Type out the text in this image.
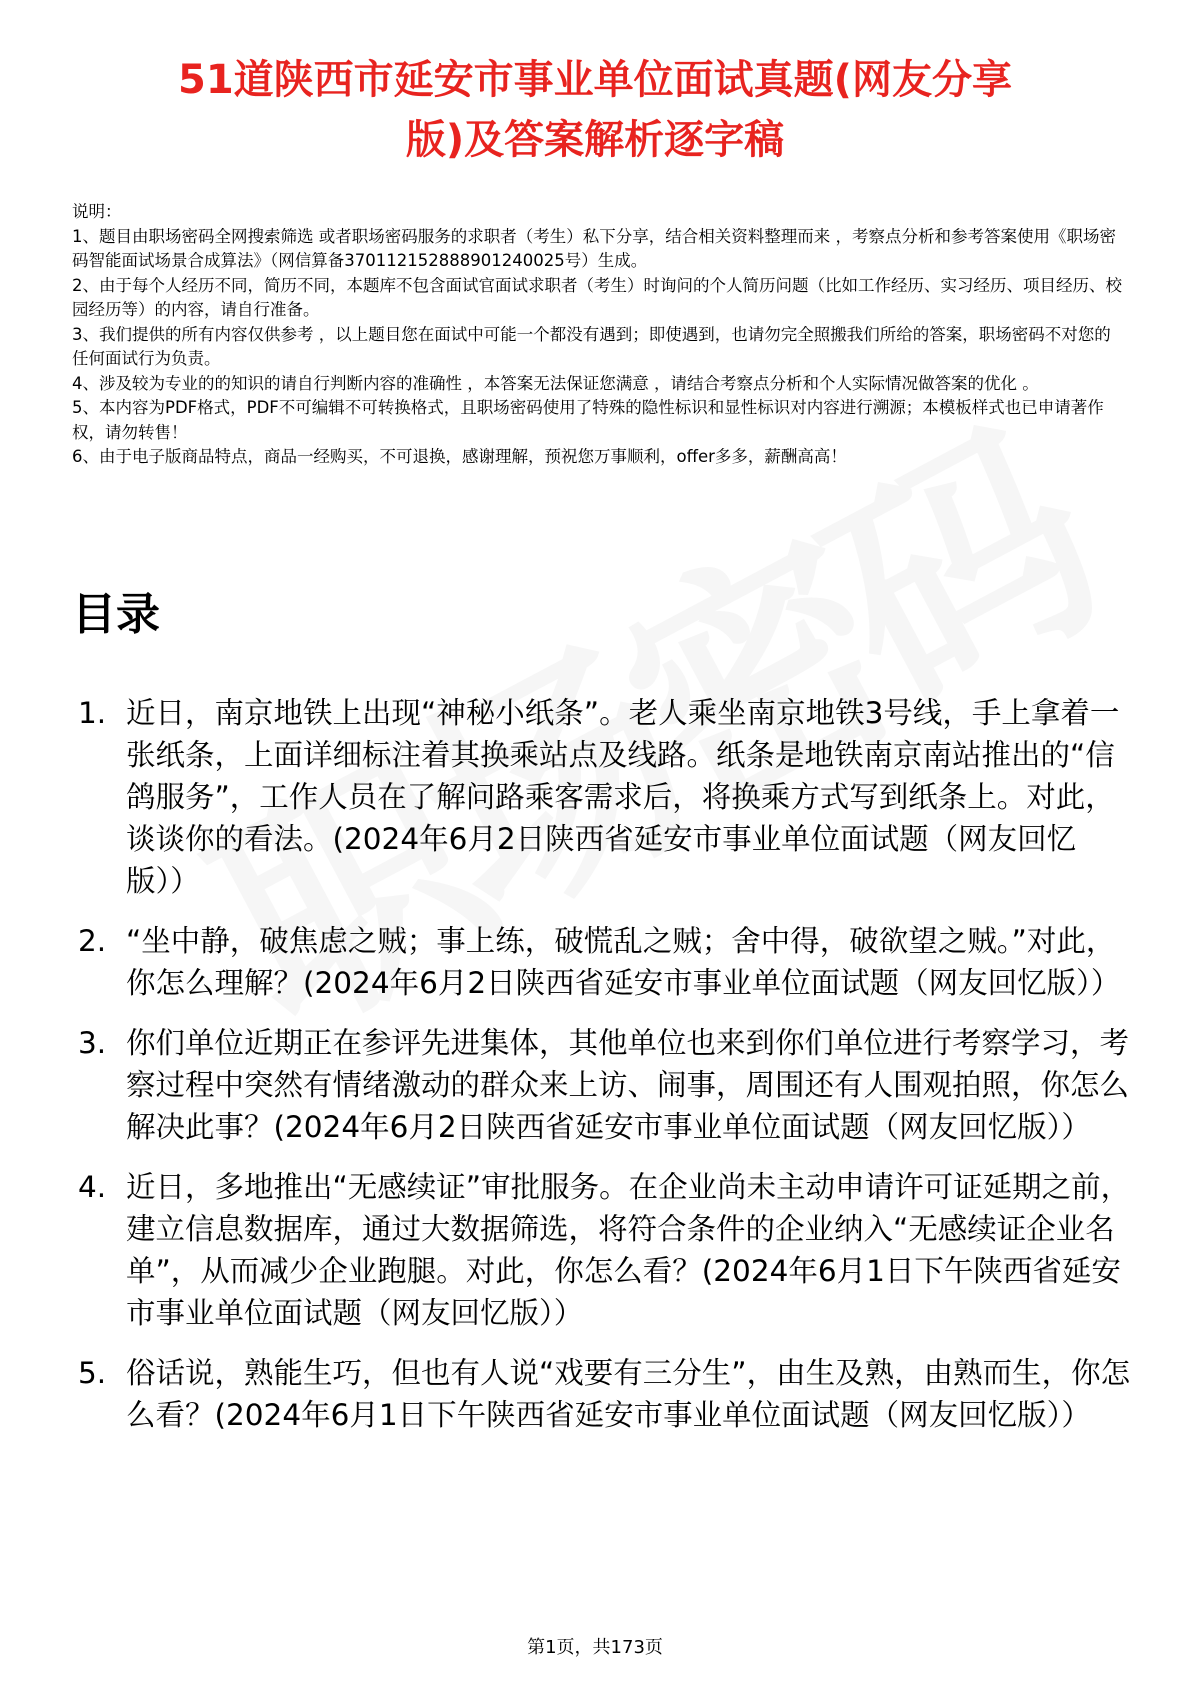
51道陕西市延安市事业单位面试真题(网友分享
版)及答案解析逐字稿

说明：

1、题目由职场密码全网搜索筛选 或者职场密码服务的求职者（考生）私下分享，结合相关资料整理而来 ，考察点分析和参考答案使用《职场密码智能面试场景合成算法》（网信算备370112152888901240025号）生成。

2、由于每个人经历不同，简历不同，本题库不包含面试官面试求职者（考生）时询问的个人简历问题（比如工作经历、实习经历、项目经历、校园经历等）的内容，请自行准备。

3、我们提供的所有内容仅供参考 ，以上题目您在面试中可能一个都没有遇到；即使遇到，也请勿完全照搬我们所给的答案，职场密码不对您的任何面试行为负责。

4、涉及较为专业的的知识的请自行判断内容的准确性 ，本答案无法保证您满意 ，请结合考察点分析和个人实际情况做答案的优化 。

5、本内容为PDF格式，PDF不可编辑不可转换格式，且职场密码使用了特殊的隐性标识和显性标识对内容进行溯源；本模板样式也已申请著作权，请勿转售！

6、由于电子版商品特点，商品一经购买，不可退换，感谢理解，预祝您万事顺利，offer多多，薪酬高高！

目录
1. 近日，南京地铁上出现“神秘小纸条”。老人乘坐南京地铁3号线，手上拿着一张纸条，上面详细标注着其换乘站点及线路。纸条是地铁南京南站推出的“信鸽服务”，工作人员在了解问路乘客需求后，将换乘方式写到纸条上。对此，谈谈你的看法。(2024年6月2日陕西省延安市事业单位面试题（网友回忆版））
2. “坐中静，破焦虑之贼；事上练，破慌乱之贼；舍中得，破欲望之贼。”对此，你怎么理解？(2024年6月2日陕西省延安市事业单位面试题（网友回忆版））
3. 你们单位近期正在参评先进集体，其他单位也来到你们单位进行考察学习，考察过程中突然有情绪激动的群众来上访、闹事，周围还有人围观拍照，你怎么解决此事？(2024年6月2日陕西省延安市事业单位面试题（网友回忆版））
4. 近日，多地推出“无感续证”审批服务。在企业尚未主动申请许可证延期之前，建立信息数据库，通过大数据筛选，将符合条件的企业纳入“无感续证企业名单”，从而减少企业跑腿。对此，你怎么看？(2024年6月1日下午陕西省延安市事业单位面试题（网友回忆版））
5. 俗话说，熟能生巧，但也有人说“戏要有三分生”，由生及熟，由熟而生，你怎么看？(2024年6月1日下午陕西省延安市事业单位面试题（网友回忆版））
第1页，共173页
